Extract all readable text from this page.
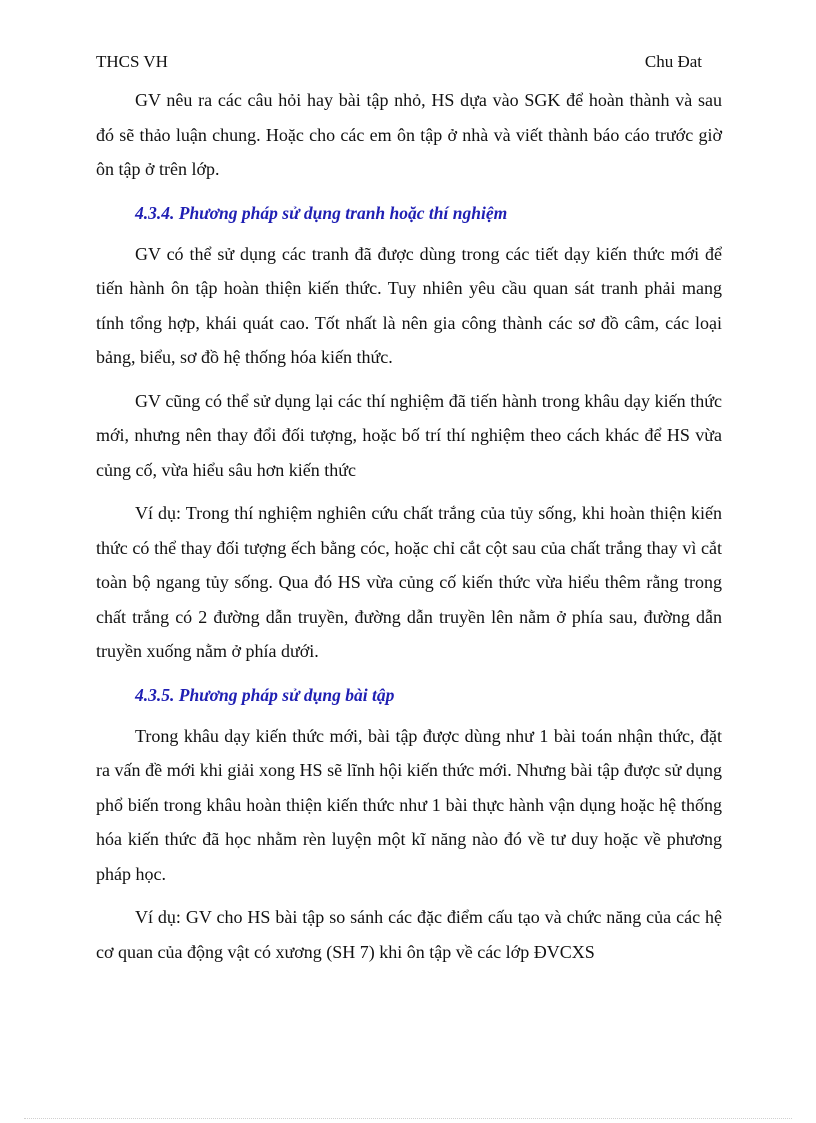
THCS VH	Chu Đat

GV nêu ra các câu hỏi hay bài tập nhỏ, HS dựa vào SGK để hoàn thành và sau đó sẽ thảo luận chung. Hoặc cho các em ôn tập ở nhà và viết thành báo cáo trước giờ ôn tập ở trên lớp.

4.3.4. Phương pháp sử dụng tranh hoặc thí nghiệm

GV có thể sử dụng các tranh đã được dùng trong các tiết dạy kiến thức mới để tiến hành ôn tập hoàn thiện kiến thức. Tuy nhiên yêu cầu quan sát tranh phải mang tính tổng hợp, khái quát cao. Tốt nhất là nên gia công thành các sơ đồ câm, các loại bảng, biểu, sơ đồ hệ thống hóa kiến thức.

GV cũng có thể sử dụng lại các thí nghiệm đã tiến hành trong khâu dạy kiến thức mới, nhưng nên thay đổi đối tượng, hoặc bố trí thí nghiệm theo cách khác để HS vừa củng cố, vừa hiểu sâu hơn kiến thức

Ví dụ: Trong thí nghiệm nghiên cứu chất trắng của tủy sống, khi hoàn thiện kiến thức có thể thay đối tượng ếch bằng cóc, hoặc chỉ cắt cột sau của chất trắng thay vì cắt toàn bộ ngang tủy sống. Qua đó HS vừa củng cố kiến thức vừa hiểu thêm rằng trong chất trắng có 2 đường dẫn truyền, đường dẫn truyền lên nằm ở phía sau, đường dẫn truyền xuống nằm ở phía dưới.

4.3.5. Phương pháp sử dụng bài tập

Trong khâu dạy kiến thức mới, bài tập được dùng như 1 bài toán nhận thức, đặt ra vấn đề mới khi giải xong HS sẽ lĩnh hội kiến thức mới. Nhưng bài tập được sử dụng phổ biến trong khâu hoàn thiện kiến thức như 1 bài thực hành vận dụng hoặc hệ thống hóa kiến thức đã học nhằm rèn luyện một kĩ năng nào đó về tư duy hoặc về phương pháp học.

Ví dụ: GV cho HS bài tập so sánh các đặc điểm cấu tạo và chức năng của các hệ cơ quan của động vật có xương (SH 7) khi ôn tập về các lớp ĐVCXS
